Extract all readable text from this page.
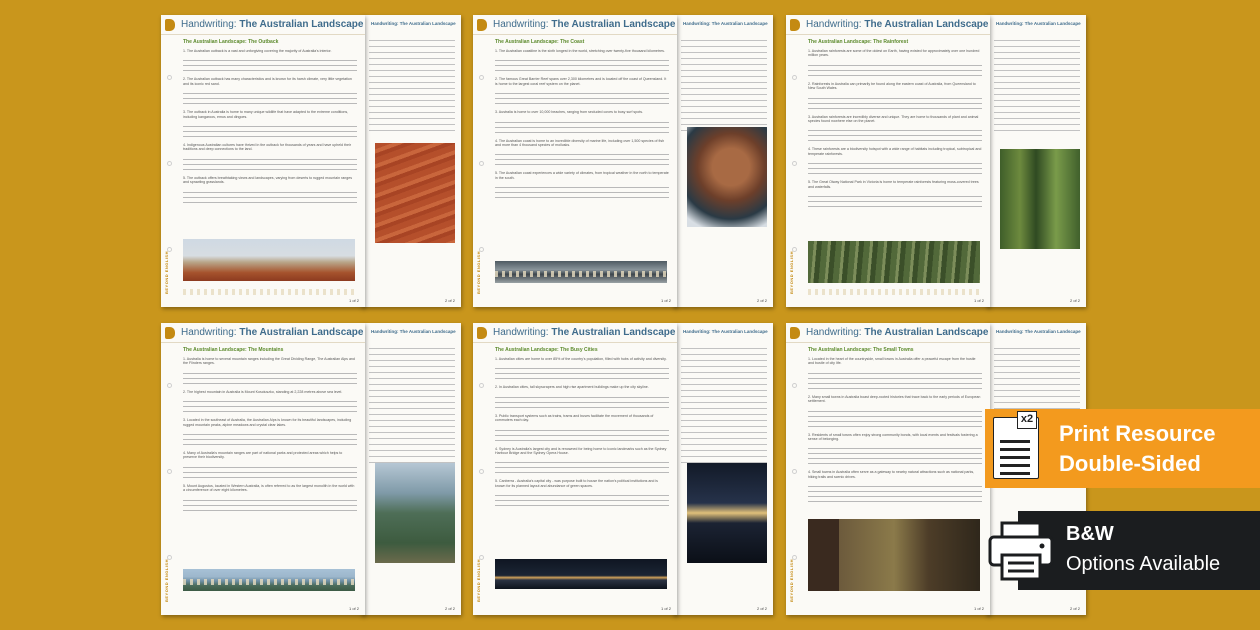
Handwriting: The Australian Landscape
2 of 2
Handwriting: The Australian Landscape
The Australian Landscape: The Outback
1. The Australian outback is a vast and unforgiving covering the majority of Australia's interior.
2. The Australian outback has many characteristics and is known for its harsh climate, very little vegetation and its iconic red sand.
3. The outback in Australia is home to many unique wildlife that have adapted to the extreme conditions, including kangaroos, emus and dingoes.
4. Indigenous Australian cultures have thrived in the outback for thousands of years and have upheld their traditions and deep connections to the land.
5. The outback offers breathtaking views and landscapes, varying from deserts to rugged mountain ranges and sprawling grasslands.
BEYOND ENGLISH
1 of 2
Handwriting: The Australian Landscape
2 of 2
Handwriting: The Australian Landscape
The Australian Landscape: The Coast
1. The Australian coastline is the sixth longest in the world, stretching over twenty-five thousand kilometres.
2. The famous Great Barrier Reef spans over 2,300 kilometres and is located off the coast of Queensland. It is home to the largest coral reef system on the planet.
3. Australia is home to over 10,000 beaches, ranging from secluded coves to busy surf spots.
4. The Australian coast is home to an incredible diversity of marine life, including over 1,500 species of fish and more than 4 thousand species of mollusks.
5. The Australian coast experiences a wide variety of climates, from tropical weather in the north to temperate in the south.
BEYOND ENGLISH
1 of 2
Handwriting: The Australian Landscape
2 of 2
Handwriting: The Australian Landscape
The Australian Landscape: The Rainforest
1. Australian rainforests are some of the oldest on Earth, having existed for approximately over one hundred million years.
2. Rainforests in Australia can primarily be found along the eastern coast of Australia, from Queensland to New South Wales.
3. Australian rainforests are incredibly diverse and unique. They are home to thousands of plant and animal species found nowhere else on the planet.
4. These rainforests are a biodiversity hotspot with a wide range of habitats including tropical, subtropical and temperate rainforests.
5. The Great Otway National Park in Victoria is home to temperate rainforests featuring moss-covered trees and waterfalls.
BEYOND ENGLISH
1 of 2
Handwriting: The Australian Landscape
2 of 2
Handwriting: The Australian Landscape
The Australian Landscape: The Mountains
1. Australia is home to several mountain ranges including the Great Dividing Range, The Australian Alps and the Flinders ranges.
2. The highest mountain in Australia is Mount Kosciuszko, standing at 2,228 metres above sea level.
3. Located in the southeast of Australia, the Australian Alps is known for its beautiful landscapes, including rugged mountain peaks, alpine meadows and crystal clear lakes.
4. Many of Australia's mountain ranges are part of national parks and protected areas which helps to preserve their biodiversity.
5. Mount Augustus, located in Western Australia, is often referred to as the largest monolith in the world with a circumference of over eight kilometres.
BEYOND ENGLISH
1 of 2
Handwriting: The Australian Landscape
2 of 2
Handwriting: The Australian Landscape
The Australian Landscape: The Busy Cities
1. Australian cities are home to over 85% of the country's population, filled with hubs of activity and diversity.
2. In Australian cities, tall skyscrapers and high rise apartment buildings make up the city skyline.
3. Public transport systems such as trains, trams and buses facilitate the movement of thousands of commuters each day.
4. Sydney is Australia's largest city and is renowned for being home to iconic landmarks such as the Sydney Harbour Bridge and the Sydney Opera House.
5. Canberra - Australia's capital city - was purpose built to house the nation's political institutions and is known for its planned layout and abundance of green spaces.
BEYOND ENGLISH
1 of 2
Handwriting: The Australian Landscape
2 of 2
Handwriting: The Australian Landscape
The Australian Landscape: The Small Towns
1. Located in the heart of the countryside, small towns in Australia offer a peaceful escape from the hustle and bustle of city life.
2. Many small towns in Australia boast deep-rooted histories that trace back to the early periods of European settlement.
3. Residents of small towns often enjoy strong community bonds, with local events and festivals fostering a sense of belonging.
4. Small towns in Australia often serve as a gateway to nearby natural attractions such as national parks, hiking trails and scenic drives.
BEYOND ENGLISH
1 of 2
x2
Print Resource
Double-Sided
B&W
Options Available
